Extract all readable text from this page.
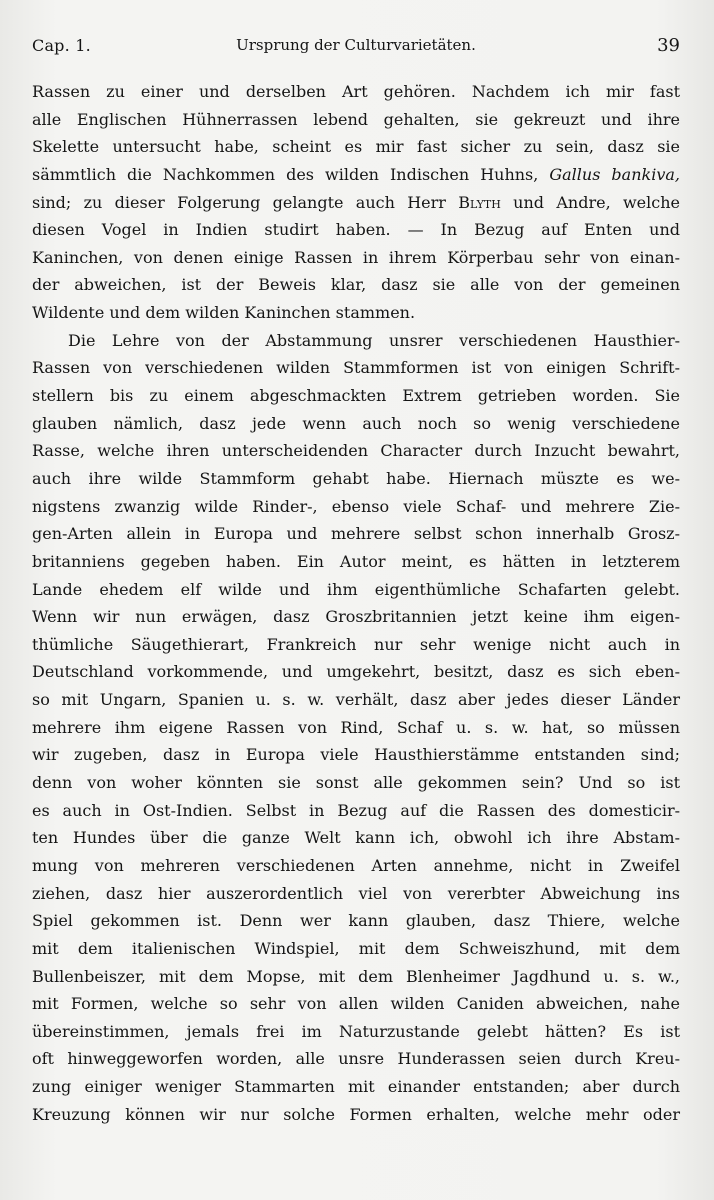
Cap. 1.	Ursprung der Culturvarietäten.	39
Rassen zu einer und derselben Art gehören. Nachdem ich mir fast
alle Englischen Hühnerrassen lebend gehalten, sie gekreuzt und ihre
Skelette untersucht habe, scheint es mir fast sicher zu sein, dasz sie
sämmtlich die Nachkommen des wilden Indischen Huhns, Gallus bankiva,
sind; zu dieser Folgerung gelangte auch Herr Blyth und Andre, welche
diesen Vogel in Indien studirt haben. — In Bezug auf Enten und
Kaninchen, von denen einige Rassen in ihrem Körperbau sehr von einan-
der abweichen, ist der Beweis klar, dasz sie alle von der gemeinen
Wildente und dem wilden Kaninchen stammen.
Die Lehre von der Abstammung unsrer verschiedenen Hausthier-
Rassen von verschiedenen wilden Stammformen ist von einigen Schrift-
stellern bis zu einem abgeschmackten Extrem getrieben worden. Sie
glauben nämlich, dasz jede wenn auch noch so wenig verschiedene
Rasse, welche ihren unterscheidenden Character durch Inzucht bewahrt,
auch ihre wilde Stammform gehabt habe. Hiernach müszte es we-
nigstens zwanzig wilde Rinder-, ebenso viele Schaf- und mehrere Zie-
gen-Arten allein in Europa und mehrere selbst schon innerhalb Grosz-
britanniens gegeben haben. Ein Autor meint, es hätten in letzterem
Lande ehedem elf wilde und ihm eigenthümliche Schafarten gelebt.
Wenn wir nun erwägen, dasz Groszbritannien jetzt keine ihm eigen-
thümliche Säugethierart, Frankreich nur sehr wenige nicht auch in
Deutschland vorkommende, und umgekehrt, besitzt, dasz es sich eben-
so mit Ungarn, Spanien u. s. w. verhält, dasz aber jedes dieser Länder
mehrere ihm eigene Rassen von Rind, Schaf u. s. w. hat, so müssen
wir zugeben, dasz in Europa viele Hausthierstämme entstanden sind;
denn von woher könnten sie sonst alle gekommen sein? Und so ist
es auch in Ost-Indien. Selbst in Bezug auf die Rassen des domesticir-
ten Hundes über die ganze Welt kann ich, obwohl ich ihre Abstam-
mung von mehreren verschiedenen Arten annehme, nicht in Zweifel
ziehen, dasz hier auszerordentlich viel von vererbter Abweichung ins
Spiel gekommen ist. Denn wer kann glauben, dasz Thiere, welche
mit dem italienischen Windspiel, mit dem Schweiszhund, mit dem
Bullenbeiszer, mit dem Mopse, mit dem Blenheimer Jagdhund u. s. w.,
mit Formen, welche so sehr von allen wilden Caniden abweichen, nahe
übereinstimmen, jemals frei im Naturzustande gelebt hätten? Es ist
oft hinweggeworfen worden, alle unsre Hunderassen seien durch Kreu-
zung einiger weniger Stammarten mit einander entstanden; aber durch
Kreuzung können wir nur solche Formen erhalten, welche mehr oder
